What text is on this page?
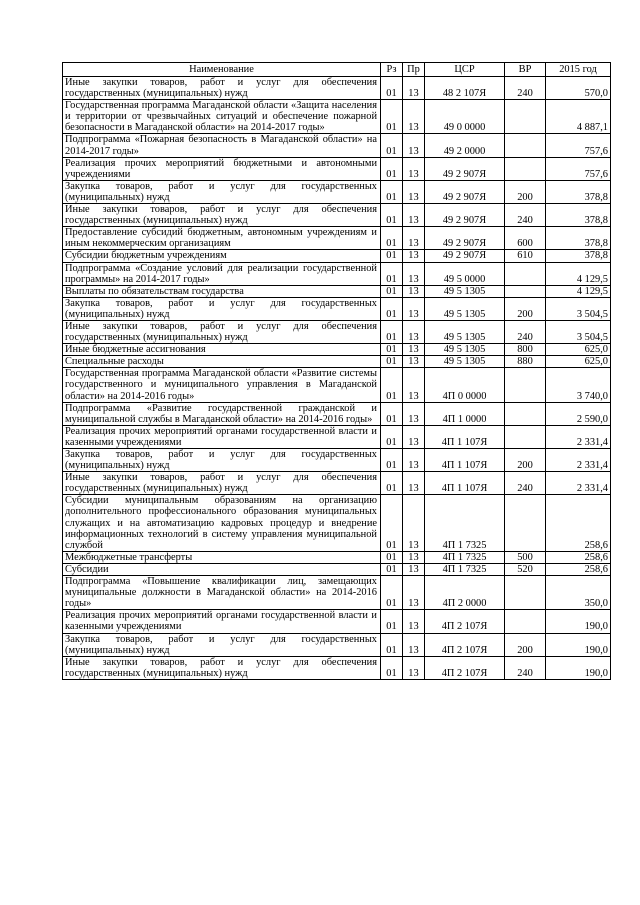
Наименование	Рз	Пр	ЦСР	ВР	2015 год
Иные закупки товаров, работ и услуг для обеспечения государственных (муниципальных) нужд	01	13	48 2 107Я	240	570,0
Государственная программа Магаданской области «Защита населения и территории от чрезвычайных ситуаций и обеспечение пожарной безопасности в Магаданской области» на 2014-2017 годы»	01	13	49 0 0000		4 887,1
Подпрограмма «Пожарная безопасность в Магаданской области» на 2014-2017 годы»	01	13	49 2 0000		757,6
Реализация прочих мероприятий бюджетными и автономными учреждениями	01	13	49 2 907Я		757,6
Закупка товаров, работ и услуг для государственных (муниципальных) нужд	01	13	49 2 907Я	200	378,8
Иные закупки товаров, работ и услуг для обеспечения государственных (муниципальных) нужд	01	13	49 2 907Я	240	378,8
Предоставление субсидий бюджетным, автономным учреждениям и иным некоммерческим организациям	01	13	49 2 907Я	600	378,8
Субсидии бюджетным учреждениям	01	13	49 2 907Я	610	378,8
Подпрограмма «Создание условий для реализации государственной программы» на 2014-2017 годы»	01	13	49 5 0000		4 129,5
Выплаты по обязательствам государства	01	13	49 5 1305		4 129,5
Закупка товаров, работ и услуг для государственных (муниципальных) нужд	01	13	49 5 1305	200	3 504,5
Иные закупки товаров, работ и услуг для обеспечения государственных (муниципальных) нужд	01	13	49 5 1305	240	3 504,5
Иные бюджетные ассигнования	01	13	49 5 1305	800	625,0
Специальные расходы	01	13	49 5 1305	880	625,0
Государственная программа Магаданской области «Развитие системы государственного и муниципального управления в Магаданской области» на 2014-2016 годы»	01	13	4П 0 0000		3 740,0
Подпрограмма «Развитие государственной гражданской и муниципальной службы в Магаданской области» на 2014-2016 годы»	01	13	4П 1 0000		2 590,0
Реализация прочих мероприятий органами государственной власти и казенными учреждениями	01	13	4П 1 107Я		2 331,4
Закупка товаров, работ и услуг для государственных (муниципальных) нужд	01	13	4П 1 107Я	200	2 331,4
Иные закупки товаров, работ и услуг для обеспечения государственных (муниципальных) нужд	01	13	4П 1 107Я	240	2 331,4
Субсидии муниципальным образованиям на организацию дополнительного профессионального образования муниципальных служащих и на автоматизацию кадровых процедур и внедрение информационных технологий в систему управления муниципальной службой	01	13	4П 1 7325		258,6
Межбюджетные трансферты	01	13	4П 1 7325	500	258,6
Субсидии	01	13	4П 1 7325	520	258,6
Подпрограмма «Повышение квалификации лиц, замещающих муниципальные должности в Магаданской области» на 2014-2016 годы»	01	13	4П 2 0000		350,0
Реализация прочих мероприятий органами государственной власти и казенными учреждениями	01	13	4П 2 107Я		190,0
Закупка товаров, работ и услуг для государственных (муниципальных) нужд	01	13	4П 2 107Я	200	190,0
Иные закупки товаров, работ и услуг для обеспечения государственных (муниципальных) нужд	01	13	4П 2 107Я	240	190,0
